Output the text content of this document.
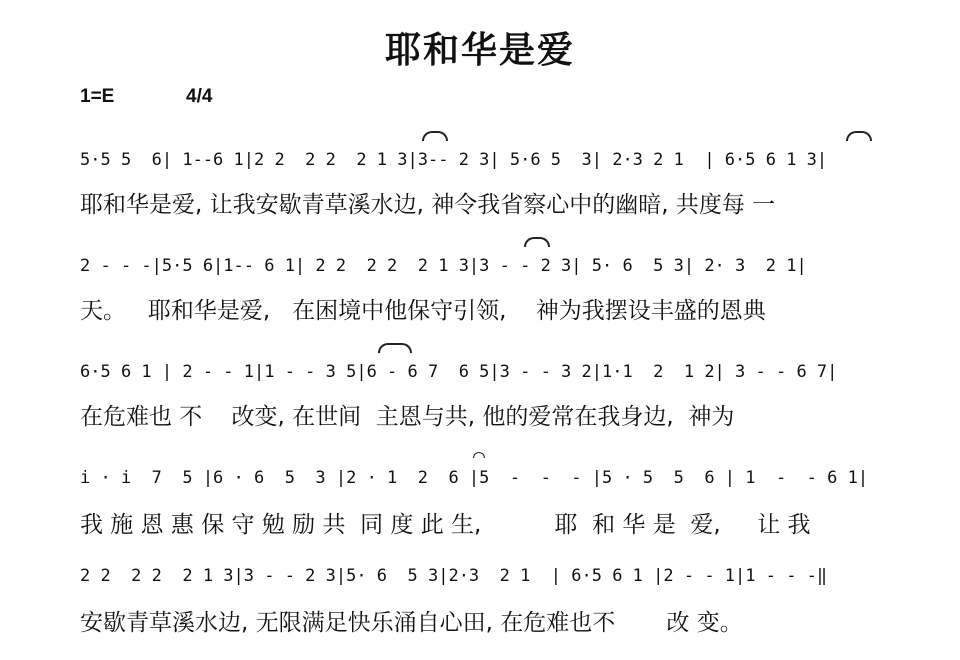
耶和华是爱
1=E	4/4
5·5 5  6| 1--6 1|2 2  2 2  2 1 3|3-- 2 3| 5·6 5  3| 2·3 2 1  | 6·5 6 1 3|
耶和华是爱, 让我安歇青草溪水边, 神令我省察心中的幽暗, 共度每 一
2 - - -|5·5 6|1-- 6 1| 2 2  2 2  2 1 3|3 - - 2 3| 5· 6  5 3| 2· 3  2 1|
天。   耶和华是爱,   在困境中他保守引领,    神为我摆设丰盛的恩典
6·5 6 1 | 2 - - 1|1 - - 3 5|6 - 6 7  6 5|3 - - 3 2|1·1  2  1 2| 3 - - 6 7|
在危难也 不    改变, 在世间  主恩与共, 他的爱常在我身边,  神为
i · i  7  5 |6 · 6  5  3 |2 · 1  2  6 |5  -  -  - |5 · 5  5  6 | 1  -  - 6 1|
我 施 恩 惠 保 守 勉 励 共  同 度 此 生,          耶  和 华 是  爱,     让 我
2 2  2 2  2 1 3|3 - - 2 3|5· 6  5 3|2·3  2 1  | 6·5 6 1 |2 - - 1|1 - - -‖
安歇青草溪水边, 无限满足快乐涌自心田, 在危难也不       改 变。
